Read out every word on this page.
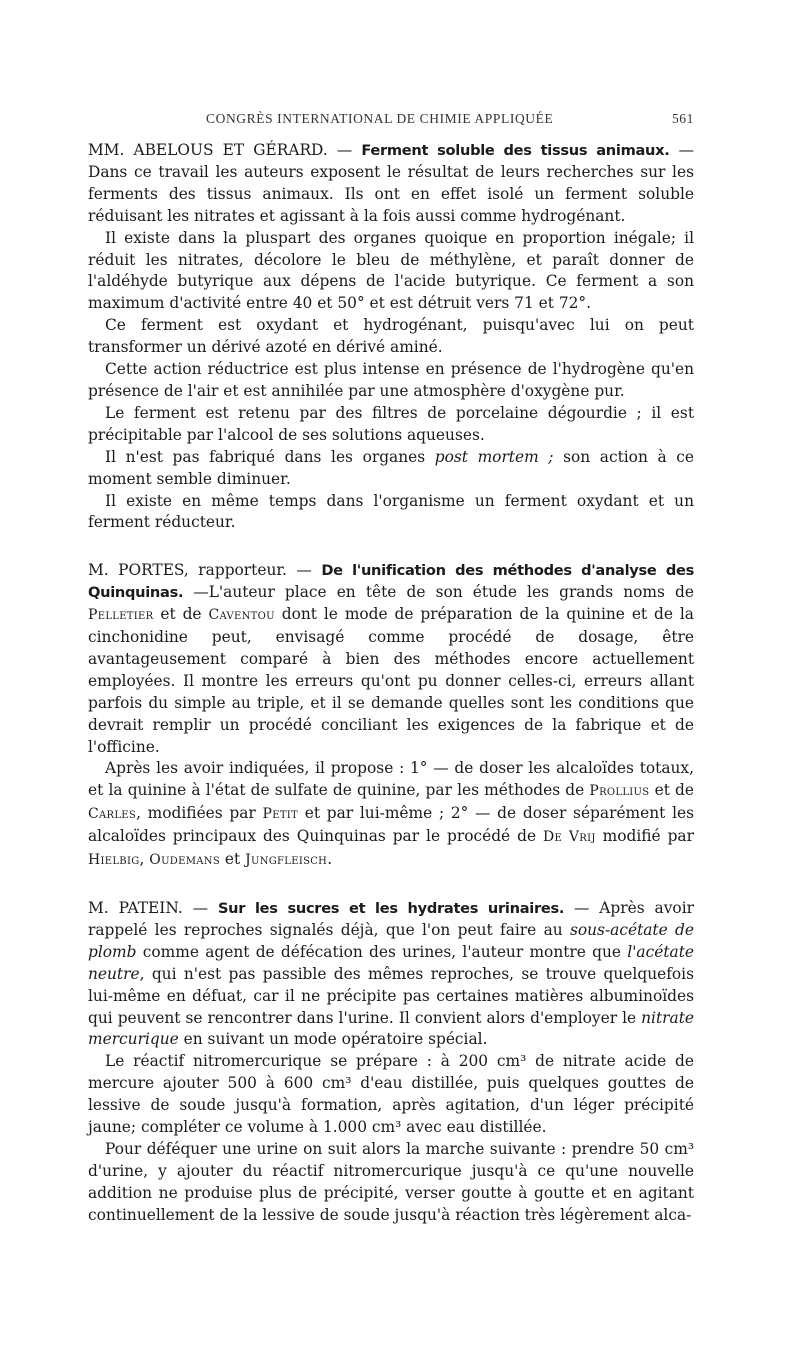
CONGRÈS INTERNATIONAL DE CHIMIE APPLIQUÉE	561

MM. ABELOUS ET GÉRARD. — Ferment soluble des tissus animaux. — Dans ce travail les auteurs exposent le résultat de leurs recherches sur les ferments des tissus animaux. Ils ont en effet isolé un ferment soluble réduisant les nitrates et agissant à la fois aussi comme hydrogénant.

Il existe dans la pluspart des organes quoique en proportion inégale; il réduit les nitrates, décolore le bleu de méthylène, et paraît donner de l'aldéhyde butyrique aux dépens de l'acide butyrique. Ce ferment a son maximum d'activité entre 40 et 50° et est détruit vers 71 et 72°.

Ce ferment est oxydant et hydrogénant, puisqu'avec lui on peut transformer un dérivé azoté en dérivé aminé.

Cette action réductrice est plus intense en présence de l'hydrogène qu'en présence de l'air et est annihilée par une atmosphère d'oxygène pur.

Le ferment est retenu par des filtres de porcelaine dégourdie ; il est précipitable par l'alcool de ses solutions aqueuses.

Il n'est pas fabriqué dans les organes post mortem ; son action à ce moment semble diminuer.

Il existe en même temps dans l'organisme un ferment oxydant et un ferment réducteur.

M. PORTES, rapporteur. — De l'unification des méthodes d'analyse des Quinquinas. —L'auteur place en tête de son étude les grands noms de Pelletier et de Caventou dont le mode de préparation de la quinine et de la cinchonidine peut, envisagé comme procédé de dosage, être avantageusement comparé à bien des méthodes encore actuellement employées. Il montre les erreurs qu'ont pu donner celles-ci, erreurs allant parfois du simple au triple, et il se demande quelles sont les conditions que devrait remplir un procédé conciliant les exigences de la fabrique et de l'officine.

Après les avoir indiquées, il propose : 1° — de doser les alcaloïdes totaux, et la quinine à l'état de sulfate de quinine, par les méthodes de Prollius et de Carles, modifiées par Petit et par lui-même ; 2° — de doser séparément les alcaloïdes principaux des Quinquinas par le procédé de De Vrij modifié par Hielbig, Oudemans et Jungfleisch.

M. PATEIN. — Sur les sucres et les hydrates urinaires. — Après avoir rappelé les reproches signalés déjà, que l'on peut faire au sous-acétate de plomb comme agent de défécation des urines, l'auteur montre que l'acétate neutre, qui n'est pas passible des mêmes reproches, se trouve quelquefois lui-même en défuat, car il ne précipite pas certaines matières albuminoïdes qui peuvent se rencontrer dans l'urine. Il convient alors d'employer le nitrate mercurique en suivant un mode opératoire spécial.

Le réactif nitromercurique se prépare : à 200 cm³ de nitrate acide de mercure ajouter 500 à 600 cm³ d'eau distillée, puis quelques gouttes de lessive de soude jusqu'à formation, après agitation, d'un léger précipité jaune; compléter ce volume à 1.000 cm³ avec eau distillée.

Pour déféquer une urine on suit alors la marche suivante : prendre 50 cm³ d'urine, y ajouter du réactif nitromercurique jusqu'à ce qu'une nouvelle addition ne produise plus de précipité, verser goutte à goutte et en agitant continuellement de la lessive de soude jusqu'à réaction très légèrement alca-
